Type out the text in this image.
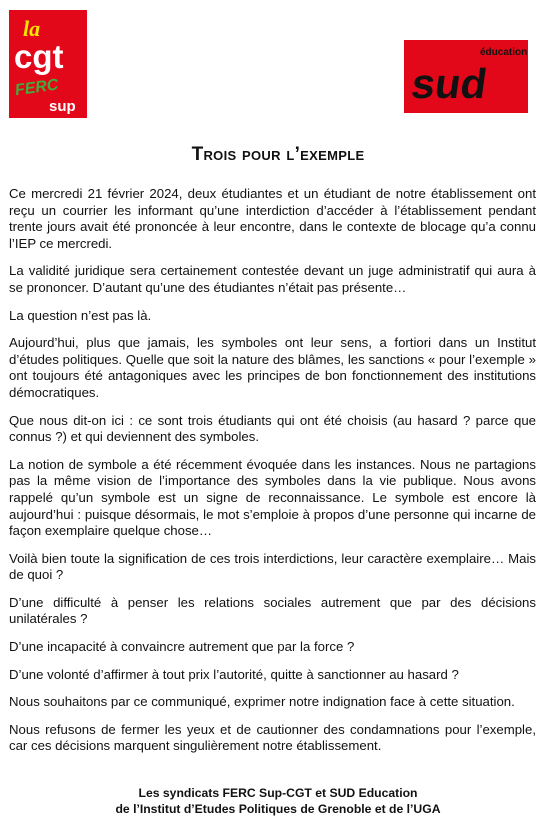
la
cgt
FERC
sup
éducation
sud
Trois pour l’exemple

Ce mercredi 21 février 2024, deux étudiantes et un étudiant de notre établissement ont reçu un courrier les informant qu’une interdiction d’accéder à l’établissement pendant trente jours avait été prononcée à leur encontre, dans le contexte de blocage qu’a connu l’IEP ce mercredi.

La validité juridique sera certainement contestée devant un juge administratif qui aura à se prononcer. D’autant qu’une des étudiantes n’était pas présente…

La question n’est pas là.

Aujourd’hui, plus que jamais, les symboles ont leur sens, a fortiori dans un Institut d’études politiques. Quelle que soit la nature des blâmes, les sanctions « pour l’exemple » ont toujours été antagoniques avec les principes de bon fonctionnement des institutions démocratiques.

Que nous dit-on ici : ce sont trois étudiants qui ont été choisis (au hasard ? parce que connus ?) et qui deviennent des symboles.

La notion de symbole a été récemment évoquée dans les instances. Nous ne partagions pas la même vision de l’importance des symboles dans la vie publique. Nous avons rappelé qu’un symbole est un signe de reconnaissance. Le symbole est encore là aujourd’hui : puisque désormais, le mot s’emploie à propos d’une personne qui incarne de façon exemplaire quelque chose…

Voilà bien toute la signification de ces trois interdictions, leur caractère exemplaire… Mais de quoi ?

D’une difficulté à penser les relations sociales autrement que par des décisions unilatérales ?

D’une incapacité à convaincre autrement que par la force ?

D’une volonté d’affirmer à tout prix l’autorité, quitte à sanctionner au hasard ?

Nous souhaitons par ce communiqué, exprimer notre indignation face à cette situation.

Nous refusons de fermer les yeux et de cautionner des condamnations pour l’exemple, car ces décisions marquent singulièrement notre établissement.

Les syndicats FERC Sup-CGT et SUD Education
de l’Institut d’Etudes Politiques de Grenoble et de l’UGA
